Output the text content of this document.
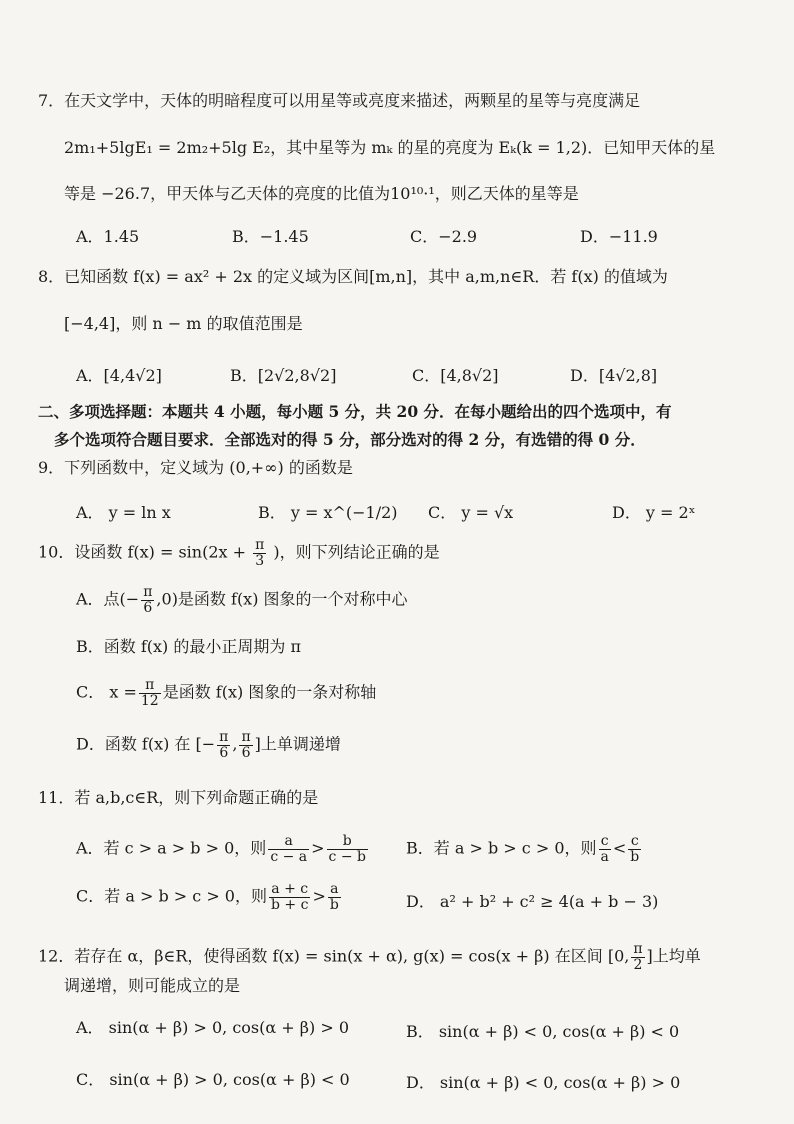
7．在天文学中，天体的明暗程度可以用星等或亮度来描述，两颗星的星等与亮度满足
2m₁+5lgE₁ = 2m₂+5lg E₂，其中星等为 mₖ 的星的亮度为 Eₖ(k = 1,2)．已知甲天体的星
等是 −26.7，甲天体与乙天体的亮度的比值为10¹⁰·¹，则乙天体的星等是
A．1.45	B．−1.45	C．−2.9	D．−11.9
8．已知函数 f(x) = ax² + 2x 的定义域为区间[m,n]，其中 a,m,n∈R．若 f(x) 的值域为
[−4,4]，则 n − m 的取值范围是
A．[4,4√2]	B．[2√2,8√2]	C．[4,8√2]	D．[4√2,8]
二、多项选择题：本题共 4 小题，每小题 5 分，共 20 分．在每小题给出的四个选项中，有
多个选项符合题目要求．全部选对的得 5 分，部分选对的得 2 分，有选错的得 0 分．
9．下列函数中，定义域为 (0,+∞) 的函数是
A． y = ln x	B． y = x^(−1/2) C． y = √x	D． y = 2ˣ
10．设函数 $f(x) = \sin(2x + \frac{\pi}{3}$ )，则下列结论正确的是
A．点(− $\frac{\pi}{6} ,0$)是函数 f(x) 图象的一个对称中心
B．函数 f(x) 的最小正周期为 π
C． $x = \frac{\pi}{12}$ 是函数 f(x) 图象的一条对称轴
D．函数 f(x) 在 [− $\frac{\pi}{6}$ , $\frac{\pi}{6}$ ]上单调递增
11．若 a,b,c∈R，则下列命题正确的是
A．若 c > a > b > 0，则 $\frac{a}{c - a} > \frac{b}{c - b}$ B．若 a > b > c > 0，则 $\frac{c}{a} < \frac{c}{b}$
C．若 a > b > c > 0，则 $\frac{a + c}{b + c} > \frac{a}{b}$	D． a² + b² + c² ≥ 4(a + b − 3)
12．若存在 α，β∈R，使得函数 f(x) = sin(x + α), g(x) = cos(x + β) 在区间 [0, $\frac{\pi}{2}$ ]上均单
调递增，则可能成立的是
A． sin(α + β) > 0, cos(α + β) > 0	B． sin(α + β) < 0, cos(α + β) < 0
C． sin(α + β) > 0, cos(α + β) < 0	D． sin(α + β) < 0, cos(α + β) > 0
